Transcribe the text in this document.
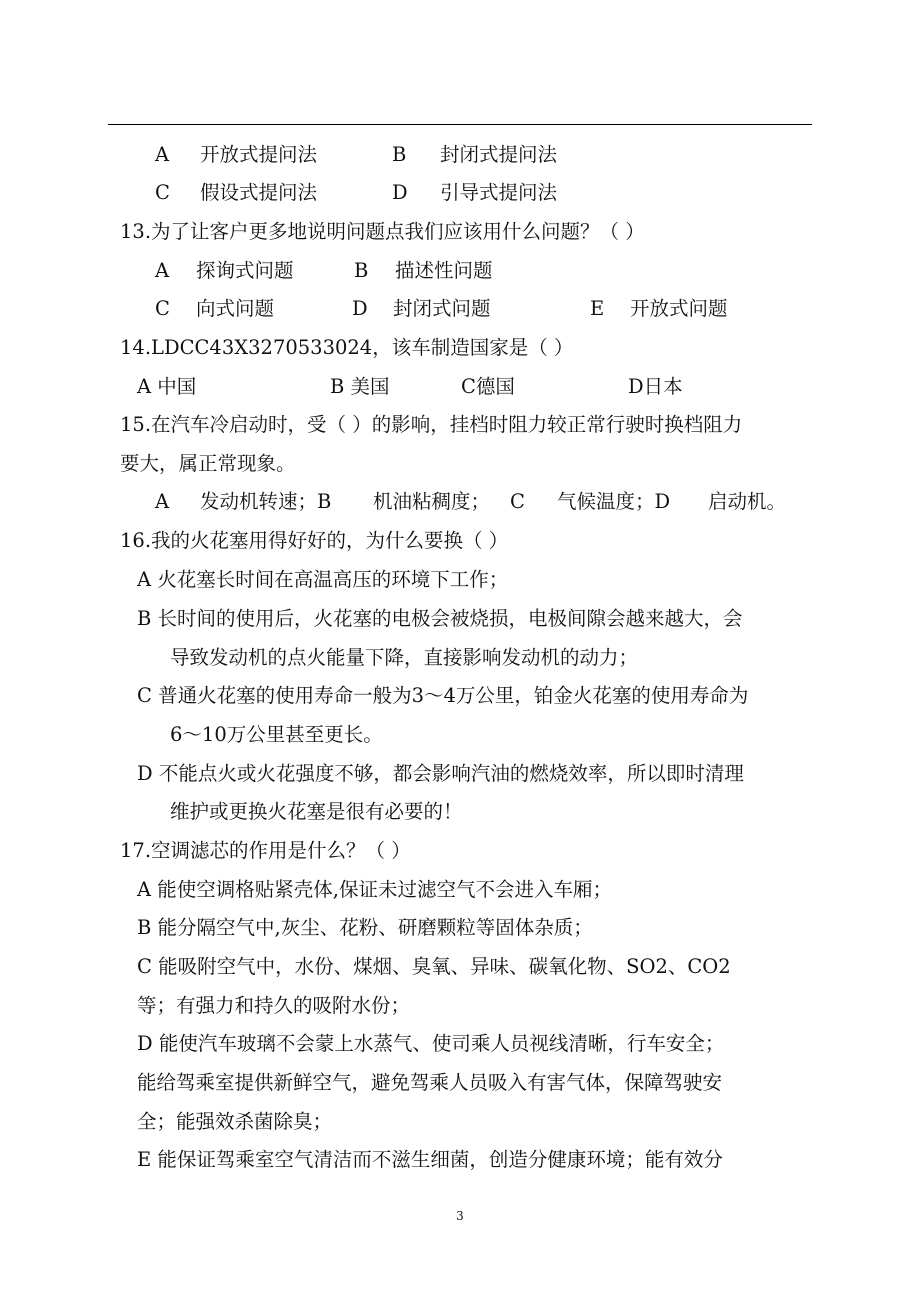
A 开放式提问法	B 封闭式提问法
C 假设式提问法	D 引导式提问法
13.为了让客户更多地说明问题点我们应该用什么问题？（ ）
A 探询式问题	B 描述性问题
C 向式问题	D 封闭式问题	E 开放式问题
14.LDCC43X3270533024，该车制造国家是（ ）
A 中国	B 美国	C德国	D日本
15.在汽车冷启动时，受（ ）的影响，挂档时阻力较正常行驶时换档阻力
要大，属正常现象。
A 发动机转速；B 机油粘稠度； C 气候温度；D 启动机。
16.我的火花塞用得好好的，为什么要换（ ）
A 火花塞长时间在高温高压的环境下工作；
B 长时间的使用后，火花塞的电极会被烧损，电极间隙会越来越大，会
导致发动机的点火能量下降，直接影响发动机的动力；
C 普通火花塞的使用寿命一般为3～4万公里，铂金火花塞的使用寿命为
6～10万公里甚至更长。
D 不能点火或火花强度不够，都会影响汽油的燃烧效率，所以即时清理
维护或更换火花塞是很有必要的！
17.空调滤芯的作用是什么？（ ）
A 能使空调格贴紧壳体,保证未过滤空气不会进入车厢；
B 能分隔空气中,灰尘、花粉、研磨颗粒等固体杂质；
C 能吸附空气中，水份、煤烟、臭氧、异味、碳氧化物、SO2、CO2
等；有强力和持久的吸附水份；
D 能使汽车玻璃不会蒙上水蒸气、使司乘人员视线清晰，行车安全；
能给驾乘室提供新鲜空气，避免驾乘人员吸入有害气体，保障驾驶安
全；能强效杀菌除臭；
E 能保证驾乘室空气清洁而不滋生细菌，创造分健康环境；能有效分
3
